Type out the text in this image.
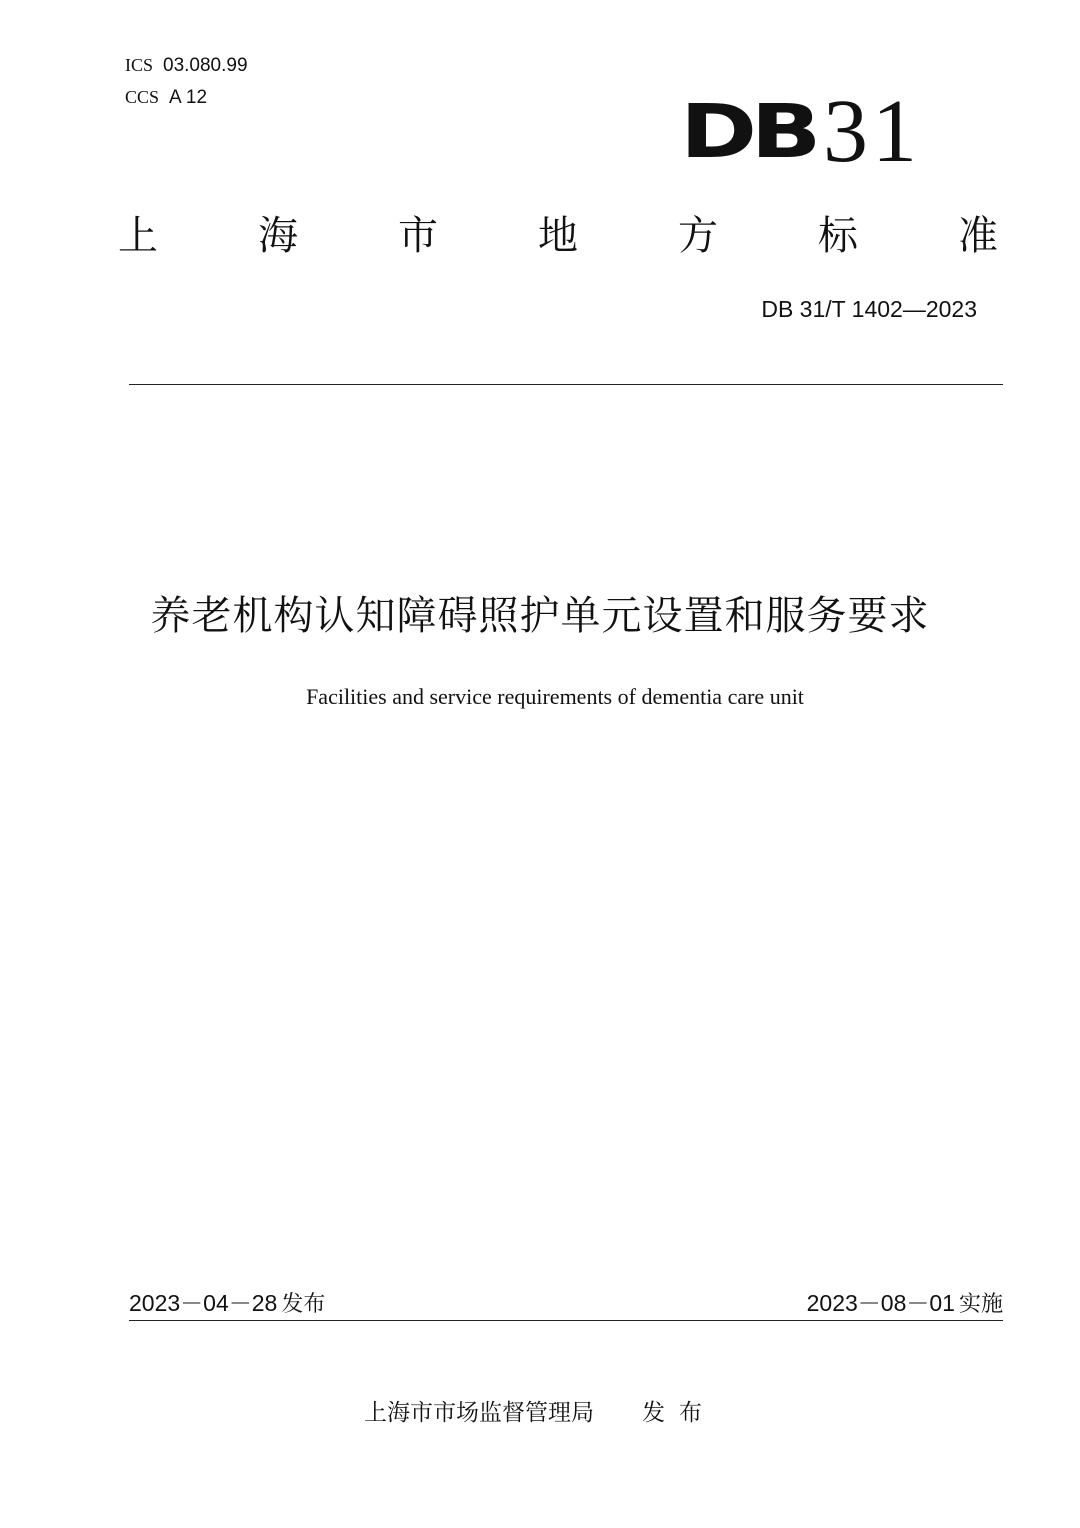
ICS 03.080.99
CCS A 12	DB31
上	海	市	地	方	标	准
DB 31/T 1402—2023
养老机构认知障碍照护单元设置和服务要求
Facilities and service requirements of dementia care unit
2023－04－28 发布	2023－08－01 实施
上海市市场监督管理局 发布
